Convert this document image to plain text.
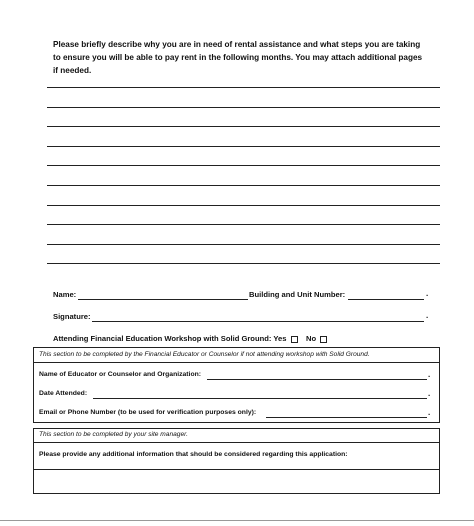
Please briefly describe why you are in need of rental assistance and what steps you are taking to ensure you will be able to pay rent in the following months. You may attach additional pages if needed.
Name:	Building and Unit Number:	.
Signature:	.
Attending Financial Education Workshop with Solid Ground: Yes	No
This section to be completed by the Financial Educator or Counselor if not attending workshop with Solid Ground.
Name of Educator or Counselor and Organization:	.
Date Attended:	.
Email or Phone Number (to be used for verification purposes only):	.
This section to be completed by your site manager.
Please provide any additional information that should be considered regarding this application:
